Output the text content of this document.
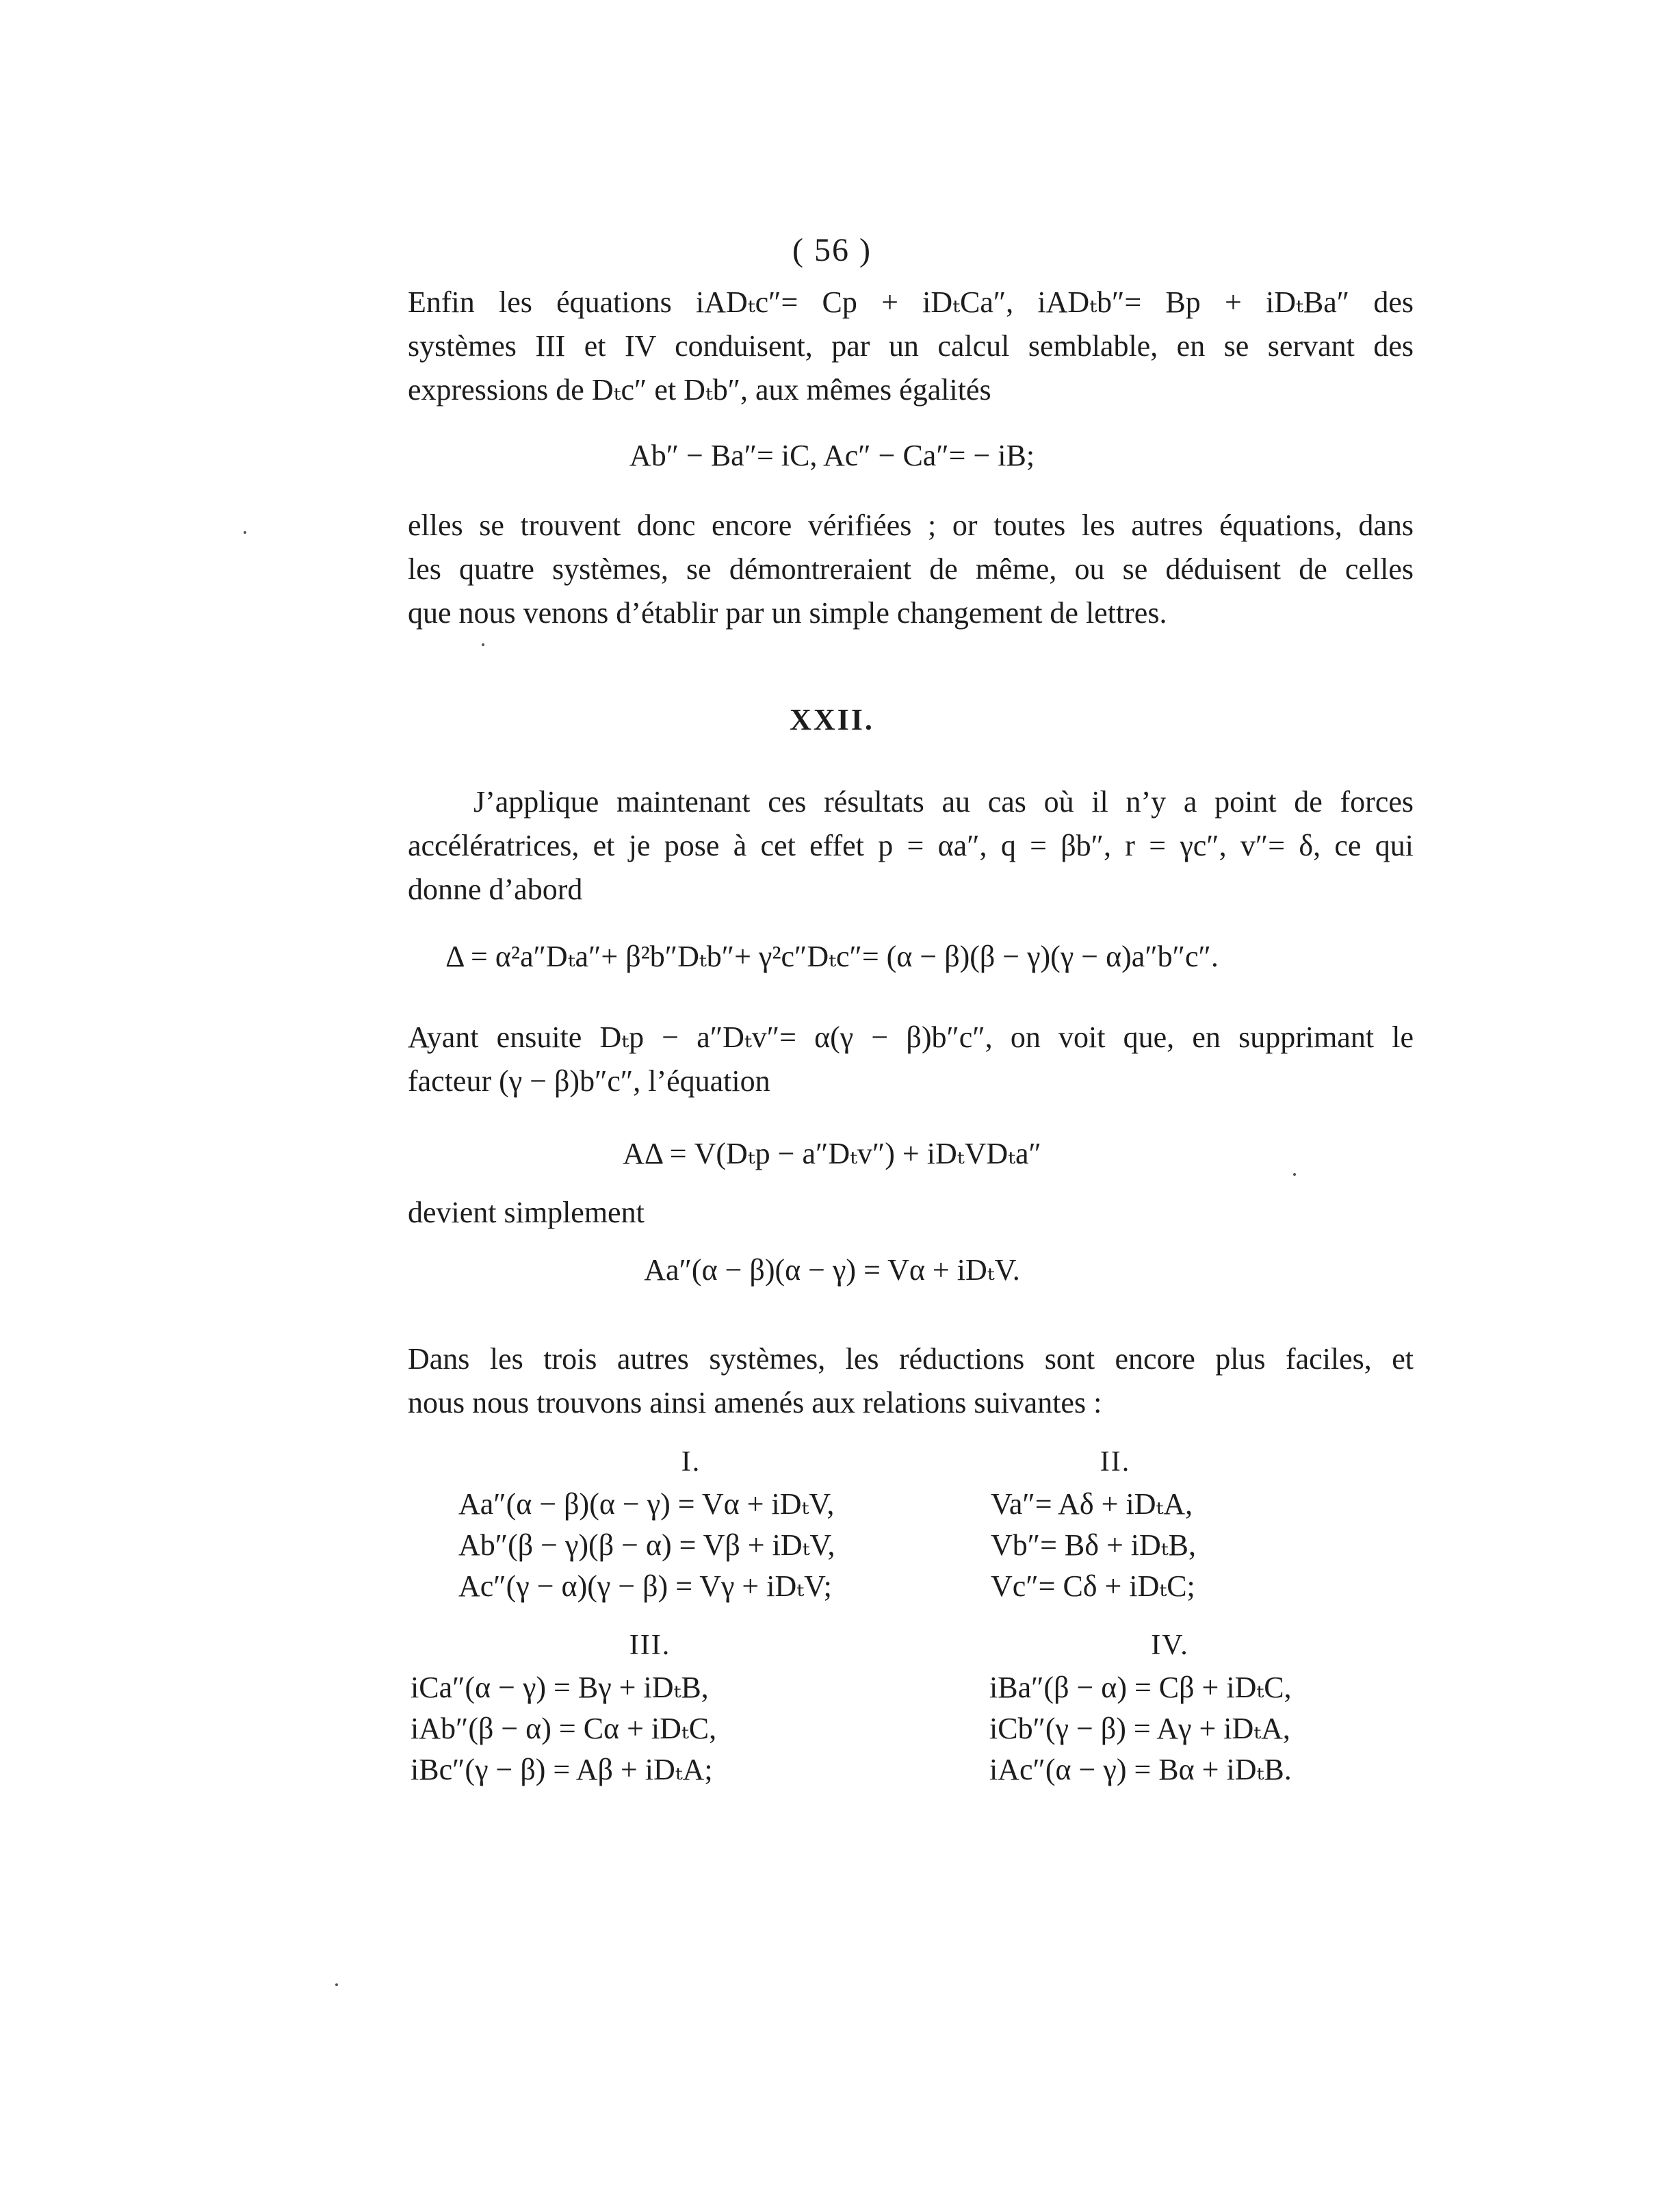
( 56 )

Enfin les équations iADₜc″= Cp + iDₜCa″, iADₜb″= Bp + iDₜBa″ des
systèmes III et IV conduisent, par un calcul semblable, en se servant des
expressions de Dₜc″ et Dₜb″, aux mêmes égalités

Ab″ − Ba″= iC, Ac″ − Ca″= − iB;

elles se trouvent donc encore vérifiées ; or toutes les autres équations, dans
les quatre systèmes, se démontreraient de même, ou se déduisent de celles
que nous venons d’établir par un simple changement de lettres.

XXII.

J’applique maintenant ces résultats au cas où il n’y a point de forces
accélératrices, et je pose à cet effet p = αa″, q = βb″, r = γc″, v″= δ, ce qui
donne d’abord

Δ = α²a″Dₜa″+ β²b″Dₜb″+ γ²c″Dₜc″= (α − β)(β − γ)(γ − α)a″b″c″.

Ayant ensuite Dₜp − a″Dₜv″= α(γ − β)b″c″, on voit que, en supprimant le
facteur (γ − β)b″c″, l’équation

AΔ = V(Dₜp − a″Dₜv″) + iDₜVDₜa″

devient simplement

Aa″(α − β)(α − γ) = Vα + iDₜV.

Dans les trois autres systèmes, les réductions sont encore plus faciles, et
nous nous trouvons ainsi amenés aux relations suivantes :

I.	II.
Aa″(α − β)(α − γ) = Vα + iDₜV,
Ab″(β − γ)(β − α) = Vβ + iDₜV,
Ac″(γ − α)(γ − β) = Vγ + iDₜV;
Va″= Aδ + iDₜA,
Vb″= Bδ + iDₜB,
Vc″= Cδ + iDₜC;
III.	IV.
iCa″(α − γ) = Bγ + iDₜB,
iAb″(β − α) = Cα + iDₜC,
iBc″(γ − β) = Aβ + iDₜA;
iBa″(β − α) = Cβ + iDₜC,
iCb″(γ − β) = Aγ + iDₜA,
iAc″(α − γ) = Bα + iDₜB.
